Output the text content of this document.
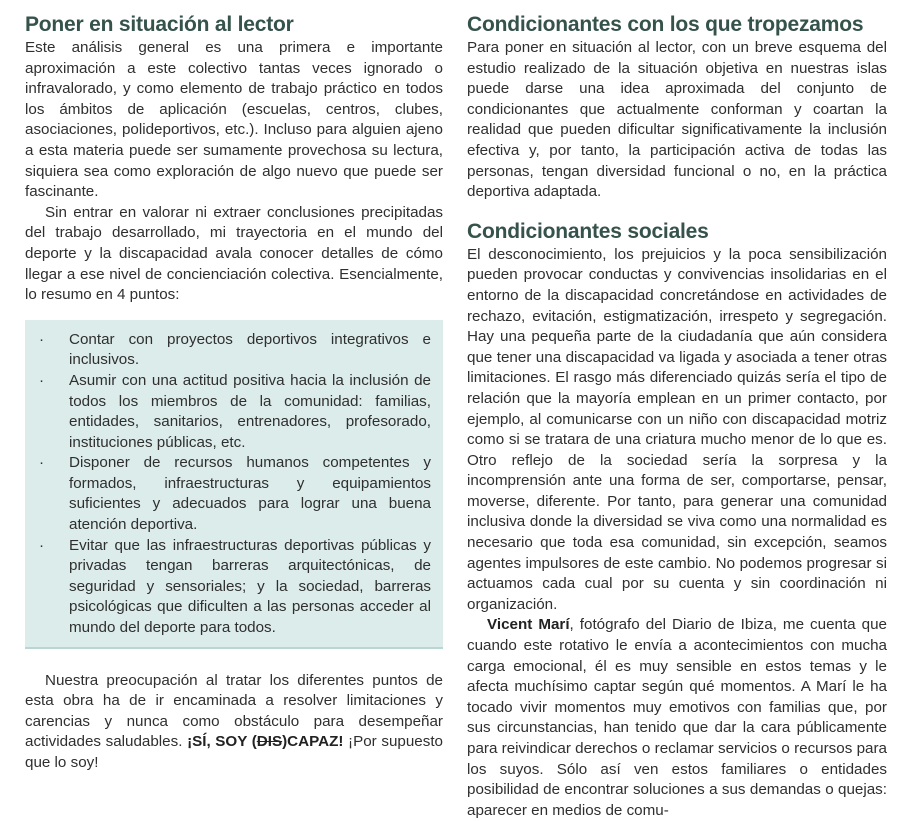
Poner en situación al lector

Este análisis general es una primera e importante aproximación a este colectivo tantas veces ignorado o infravalorado, y como elemento de trabajo práctico en todos los ámbitos de aplicación (escuelas, centros, clubes, asociaciones, polideportivos, etc.). Incluso para alguien ajeno a esta materia puede ser sumamente provechosa su lectura, siquiera sea como exploración de algo nuevo que puede ser fascinante.

Sin entrar en valorar ni extraer conclusiones precipitadas del trabajo desarrollado, mi trayectoria en el mundo del deporte y la discapacidad avala conocer detalles de cómo llegar a ese nivel de concienciación colectiva. Esencialmente, lo resumo en 4 puntos:

· Contar con proyectos deportivos integrativos e inclusivos.
· Asumir con una actitud positiva hacia la inclusión de todos los miembros de la comunidad: familias, entidades, sanitarios, entrenadores, profesorado, instituciones públicas, etc.
· Disponer de recursos humanos competentes y formados, infraestructuras y equipamientos suficientes y adecuados para lograr una buena atención deportiva.
· Evitar que las infraestructuras deportivas públicas y privadas tengan barreras arquitectónicas, de seguridad y sensoriales; y la sociedad, barreras psicológicas que dificulten a las personas acceder al mundo del deporte para todos.

Nuestra preocupación al tratar los diferentes puntos de esta obra ha de ir encaminada a resolver limitaciones y carencias y nunca como obstáculo para desempeñar actividades saludables. ¡SÍ, SOY (DIS)CAPAZ! ¡Por supuesto que lo soy!

Condicionantes con los que tropezamos

Para poner en situación al lector, con un breve esquema del estudio realizado de la situación objetiva en nuestras islas puede darse una idea aproximada del conjunto de condicionantes que actualmente conforman y coartan la realidad que pueden dificultar significativamente la inclusión efectiva y, por tanto, la participación activa de todas las personas, tengan diversidad funcional o no, en la práctica deportiva adaptada.

Condicionantes sociales

El desconocimiento, los prejuicios y la poca sensibilización pueden provocar conductas y convivencias insolidarias en el entorno de la discapacidad concretándose en actividades de rechazo, evitación, estigmatización, irrespeto y segregación. Hay una pequeña parte de la ciudadanía que aún considera que tener una discapacidad va ligada y asociada a tener otras limitaciones. El rasgo más diferenciado quizás sería el tipo de relación que la mayoría emplean en un primer contacto, por ejemplo, al comunicarse con un niño con discapacidad motriz como si se tratara de una criatura mucho menor de lo que es. Otro reflejo de la sociedad sería la sorpresa y la incomprensión ante una forma de ser, comportarse, pensar, moverse, diferente. Por tanto, para generar una comunidad inclusiva donde la diversidad se viva como una normalidad es necesario que toda esa comunidad, sin excepción, seamos agentes impulsores de este cambio. No podemos progresar si actuamos cada cual por su cuenta y sin coordinación ni organización.

Vicent Marí, fotógrafo del Diario de Ibiza, me cuenta que cuando este rotativo le envía a acontecimientos con mucha carga emocional, él es muy sensible en estos temas y le afecta muchísimo captar según qué momentos. A Marí le ha tocado vivir momentos muy emotivos con familias que, por sus circunstancias, han tenido que dar la cara públicamente para reivindicar derechos o reclamar servicios o recursos para los suyos. Sólo así ven estos familiares o entidades posibilidad de encontrar soluciones a sus demandas o quejas: aparecer en medios de comu-
